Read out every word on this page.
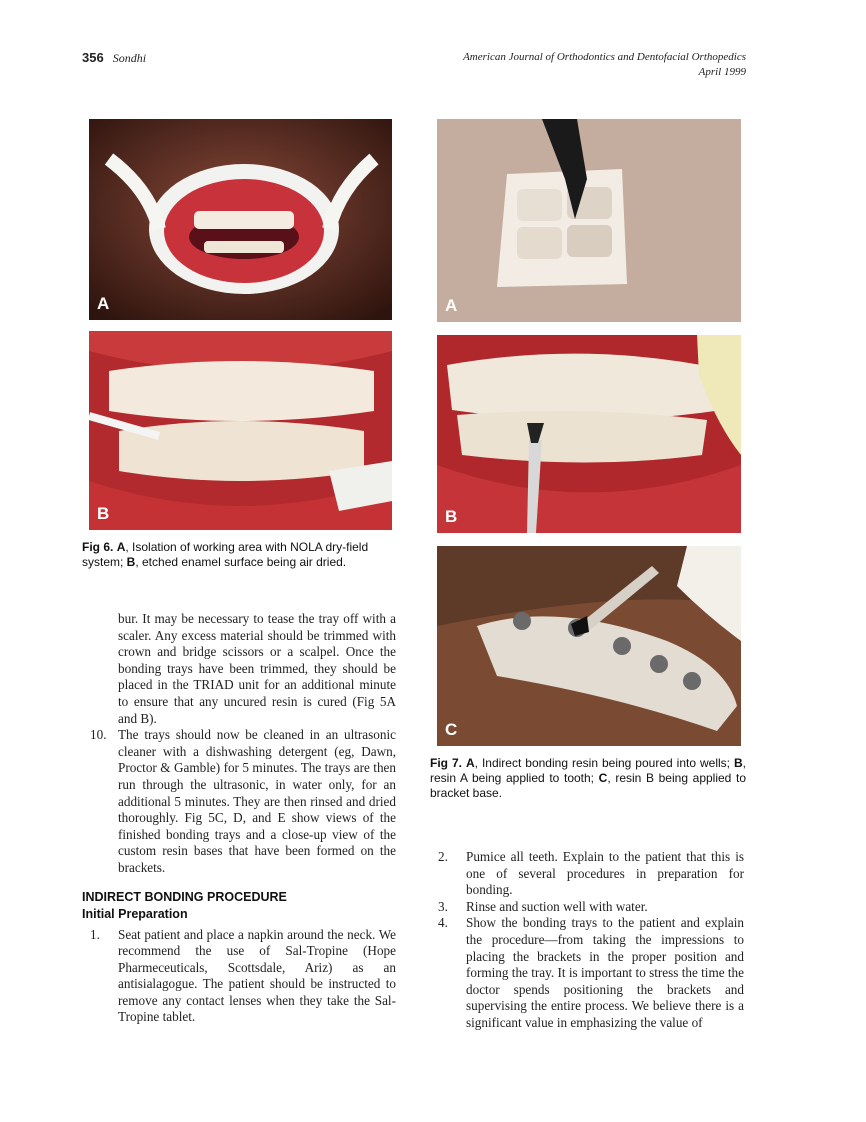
356 Sondhi	American Journal of Orthodontics and Dentofacial Orthopedics
April 1999
A
B
A
B
C
Fig 6. A, Isolation of working area with NOLA dry-field system; B, etched enamel surface being air dried.
Fig 7. A, Indirect bonding resin being poured into wells; B, resin A being applied to tooth; C, resin B being applied to bracket base.

bur. It may be necessary to tease the tray off with a scaler. Any excess material should be trimmed with crown and bridge scissors or a scalpel. Once the bonding trays have been trimmed, they should be placed in the TRIAD unit for an additional minute to ensure that any uncured resin is cured (Fig 5A and B).

10. The trays should now be cleaned in an ultrasonic cleaner with a dishwashing detergent (eg, Dawn, Proctor & Gamble) for 5 minutes. The trays are then run through the ultrasonic, in water only, for an additional 5 minutes. They are then rinsed and dried thoroughly. Fig 5C, D, and E show views of the finished bonding trays and a close-up view of the custom resin bases that have been formed on the brackets.

INDIRECT BONDING PROCEDURE
Initial Preparation
1. Seat patient and place a napkin around the neck. We recommend the use of Sal-Tropine (Hope Pharmeceuticals, Scottsdale, Ariz) as an antisialagogue. The patient should be instructed to remove any contact lenses when they take the Sal-Tropine tablet.

2. Pumice all teeth. Explain to the patient that this is one of several procedures in preparation for bonding.

3. Rinse and suction well with water.

4. Show the bonding trays to the patient and explain the procedure—from taking the impressions to placing the brackets in the proper position and forming the tray. It is important to stress the time the doctor spends positioning the brackets and supervising the entire process. We believe there is a significant value in emphasizing the value of
